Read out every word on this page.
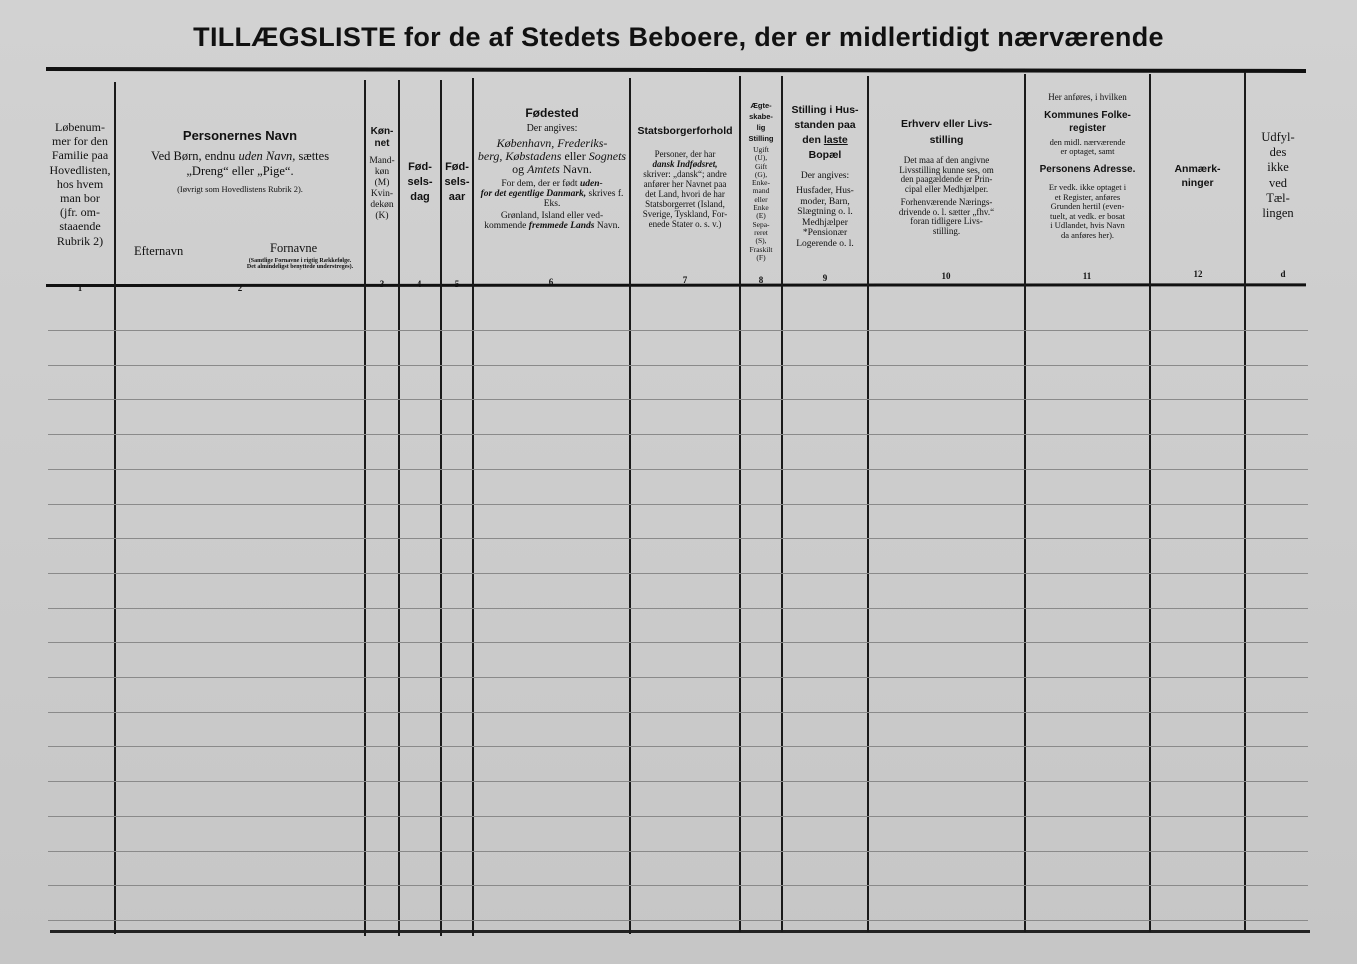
TILLÆGSLISTE for de af Stedets Beboere, der er midlertidigt nærværende
Løbenum-
mer for den
Familie paa
Hovedlisten,
hos hvem
man bor
(jfr. om-
staaende
Rubrik 2)
1
Personernes Navn
Ved Børn, endnu uden Navn, sættes
„Dreng“ eller „Pige“.
(Iøvrigt som Hovedlistens Rubrik 2).
Efternavn	Fornavne
(Samtlige Fornavne i rigtig Rækkefølge. Det almindeligst benyttede understreges).
2
Køn-
net
Mand-
køn
(M)
Kvin-
dekøn
(K)
3
Fød-
sels-
dag
4
Fød-
sels-
aar
5
Fødested
Der angives:
København, Frederiks-
berg, Købstadens eller Sognets og Amtets Navn.
For dem, der er født uden-
for det egentlige Danmark, skrives f. Eks.
Grønland, Island eller ved-
kommende fremmede Lands Navn.
6
Statsborgerforhold
Personer, der har
dansk Indfødsret,
skriver: „dansk“; andre
anfører her Navnet paa
det Land, hvori de har
Statsborgerret (Island,
Sverige, Tyskland, For-
enede Stater o. s. v.)
7
Ægte-
skabe-
lig
Stilling
Ugift
(U),
Gift
(G),
Enke-
mand
eller
Enke
(E)
Sepa-
reret
(S),
Fraskilt
(F)
8
Stilling i Hus-
standen paa
den laste
Bopæl
Der angives:
Husfader, Hus-
moder, Barn,
Slægtning o. l.
Medhjælper
*Pensionær
Logerende o. l.
9
Erhverv eller Livs-
stilling
Det maa af den angivne
Livsstilling kunne ses, om
den paagældende er Prin-
cipal eller Medhjælper.
Forhenværende Nærings-
drivende o. l. sætter „fhv.“
foran tidligere Livs-
stilling.
10
Her anføres, i hvilken
Kommunes Folke-
register
den midl. nærværende
er optaget, samt
Personens Adresse.
Er vedk. ikke optaget i
et Register, anføres
Grunden hertil (even-
tuelt, at vedk. er bosat
i Udlandet, hvis Navn
da anføres her).
11
Anmærk-
ninger
12
Udfyl-
des
ikke
ved
Tæl-
lingen
d
